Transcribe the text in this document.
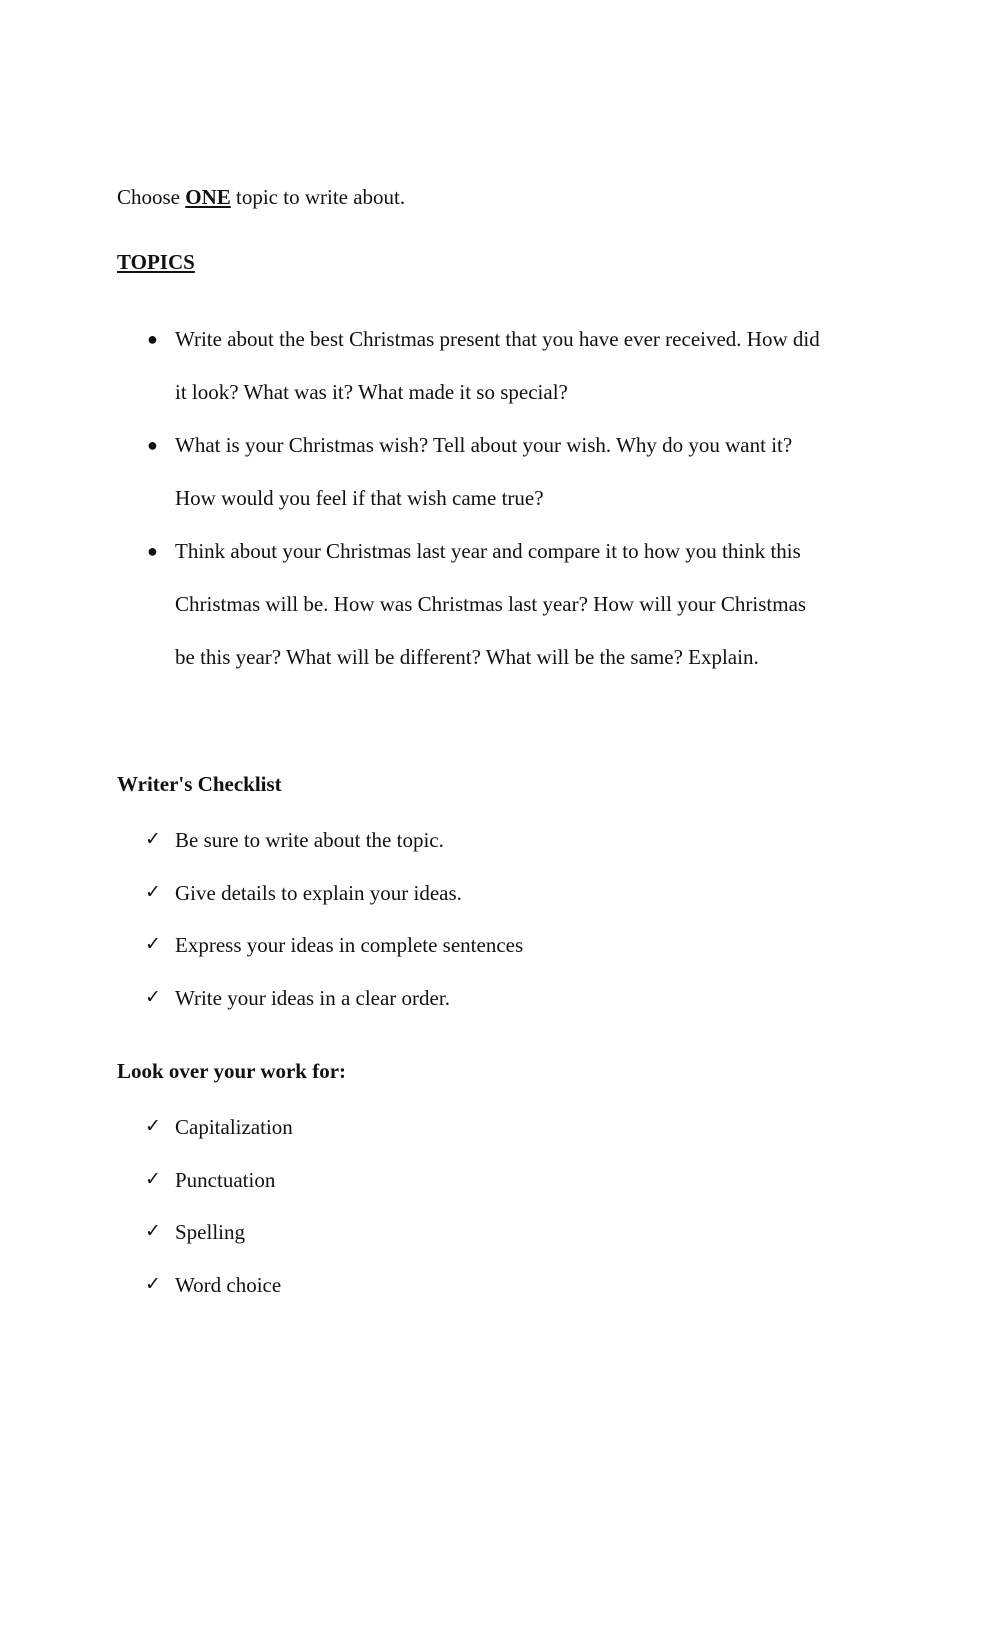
Choose ONE topic to write about.

TOPICS
● Write about the best Christmas present that you have ever received. How did
it look? What was it? What made it so special?
● What is your Christmas wish? Tell about your wish. Why do you want it?
How would you feel if that wish came true?
● Think about your Christmas last year and compare it to how you think this
Christmas will be. How was Christmas last year? How will your Christmas
be this year? What will be different? What will be the same? Explain.
Writer's Checklist
✓ Be sure to write about the topic.
✓ Give details to explain your ideas.
✓ Express your ideas in complete sentences
✓ Write your ideas in a clear order.
Look over your work for:
✓ Capitalization
✓ Punctuation
✓ Spelling
✓ Word choice
